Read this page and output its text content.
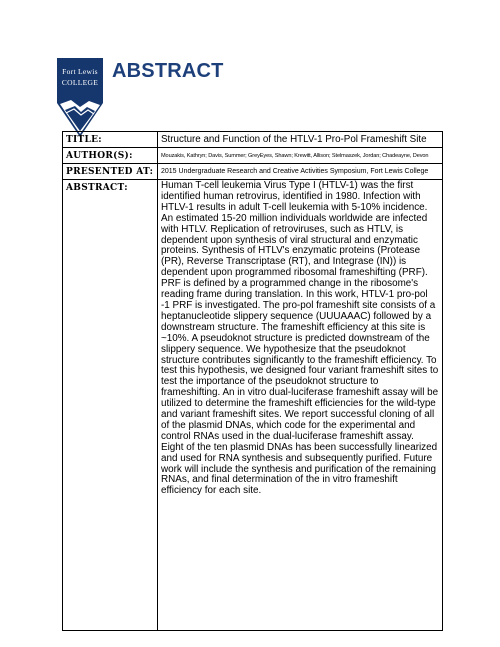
Fort Lewis
COLLEGE
ABSTRACT
TITLE:	Structure and Function of the HTLV-1 Pro-Pol Frameshift Site
AUTHOR(S):	Mouzakis, Kathryn; Davis, Summer; GreyEyes, Shawn; Krewitt, Allison; Stelmaszek, Jordan; Chadeayne, Devon
PRESENTED AT:	2015 Undergraduate Research and Creative Activities Symposium, Fort Lewis College
ABSTRACT:	Human T-cell leukemia Virus Type I (HTLV-1) was the first identified human retrovirus, identified in 1980. Infection with HTLV-1 results in adult T-cell leukemia with 5-10% incidence. An estimated 15-20 million individuals worldwide are infected with HTLV. Replication of retroviruses, such as HTLV, is dependent upon synthesis of viral structural and enzymatic proteins. Synthesis of HTLV's enzymatic proteins (Protease (PR), Reverse Transcriptase (RT), and Integrase (IN)) is dependent upon programmed ribosomal frameshifting (PRF). PRF is defined by a programmed change in the ribosome's reading frame during translation. In this work, HTLV-1 pro-pol -1 PRF is investigated. The pro-pol frameshift site consists of a heptanucleotide slippery sequence (UUUAAAC) followed by a downstream structure. The frameshift efficiency at this site is ~10%. A pseudoknot structure is predicted downstream of the slippery sequence. We hypothesize that the pseudoknot structure contributes significantly to the frameshift efficiency. To test this hypothesis, we designed four variant frameshift sites to test the importance of the pseudoknot structure to frameshifting. An in vitro dual-luciferase frameshift assay will be utilized to determine the frameshift efficiencies for the wild-type and variant frameshift sites. We report successful cloning of all of the plasmid DNAs, which code for the experimental and control RNAs used in the dual-luciferase frameshift assay. Eight of the ten plasmid DNAs has been successfully linearized and used for RNA synthesis and subsequently purified. Future work will include the synthesis and purification of the remaining RNAs, and final determination of the in vitro frameshift efficiency for each site.
